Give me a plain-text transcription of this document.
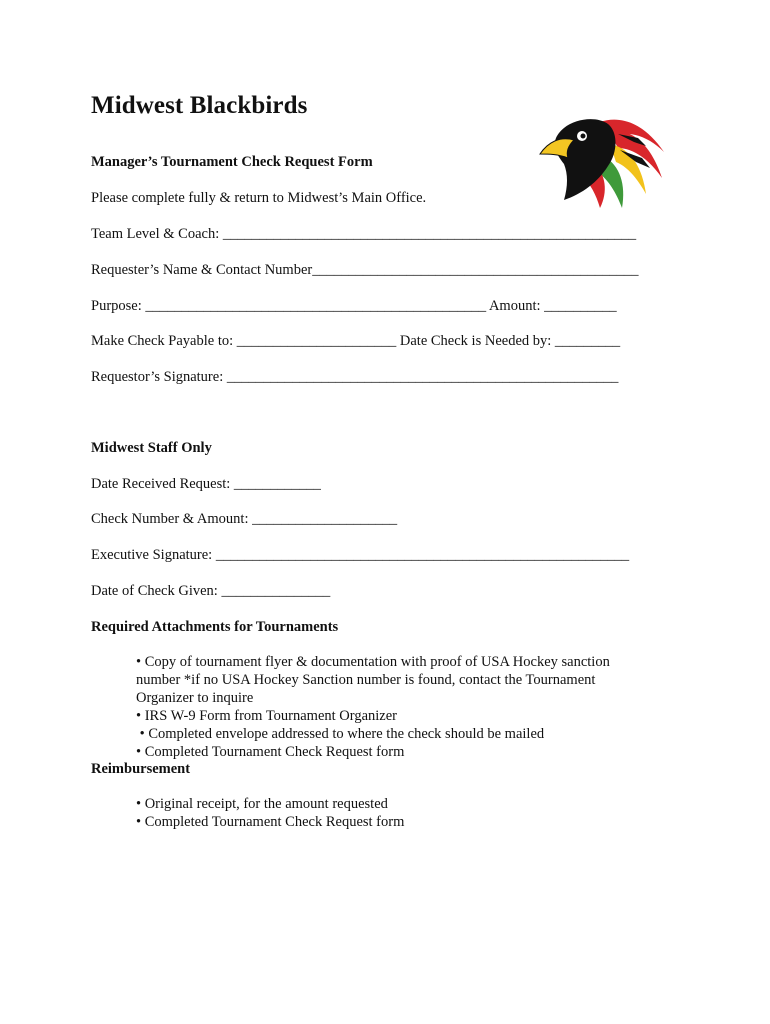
Midwest Blackbirds
Manager’s Tournament Check Request Form
Please complete fully & return to Midwest’s Main Office.
Team Level & Coach: _________________________________________________________
Requester’s Name & Contact Number_____________________________________________
Purpose: _______________________________________________ Amount: __________
Make Check Payable to: ______________________ Date Check is Needed by: _________
Requestor’s Signature: ______________________________________________________
Midwest Staff Only
Date Received Request: ____________
Check Number & Amount: ____________________
Executive Signature: _________________________________________________________
Date of Check Given: _______________
Required Attachments for Tournaments
• Copy of tournament flyer & documentation with proof of USA Hockey sanction number *if no USA Hockey Sanction number is found, contact the Tournament Organizer to inquire
• IRS W-9 Form from Tournament Organizer
• Completed envelope addressed to where the check should be mailed
• Completed Tournament Check Request form
Reimbursement
• Original receipt, for the amount requested
• Completed Tournament Check Request form
